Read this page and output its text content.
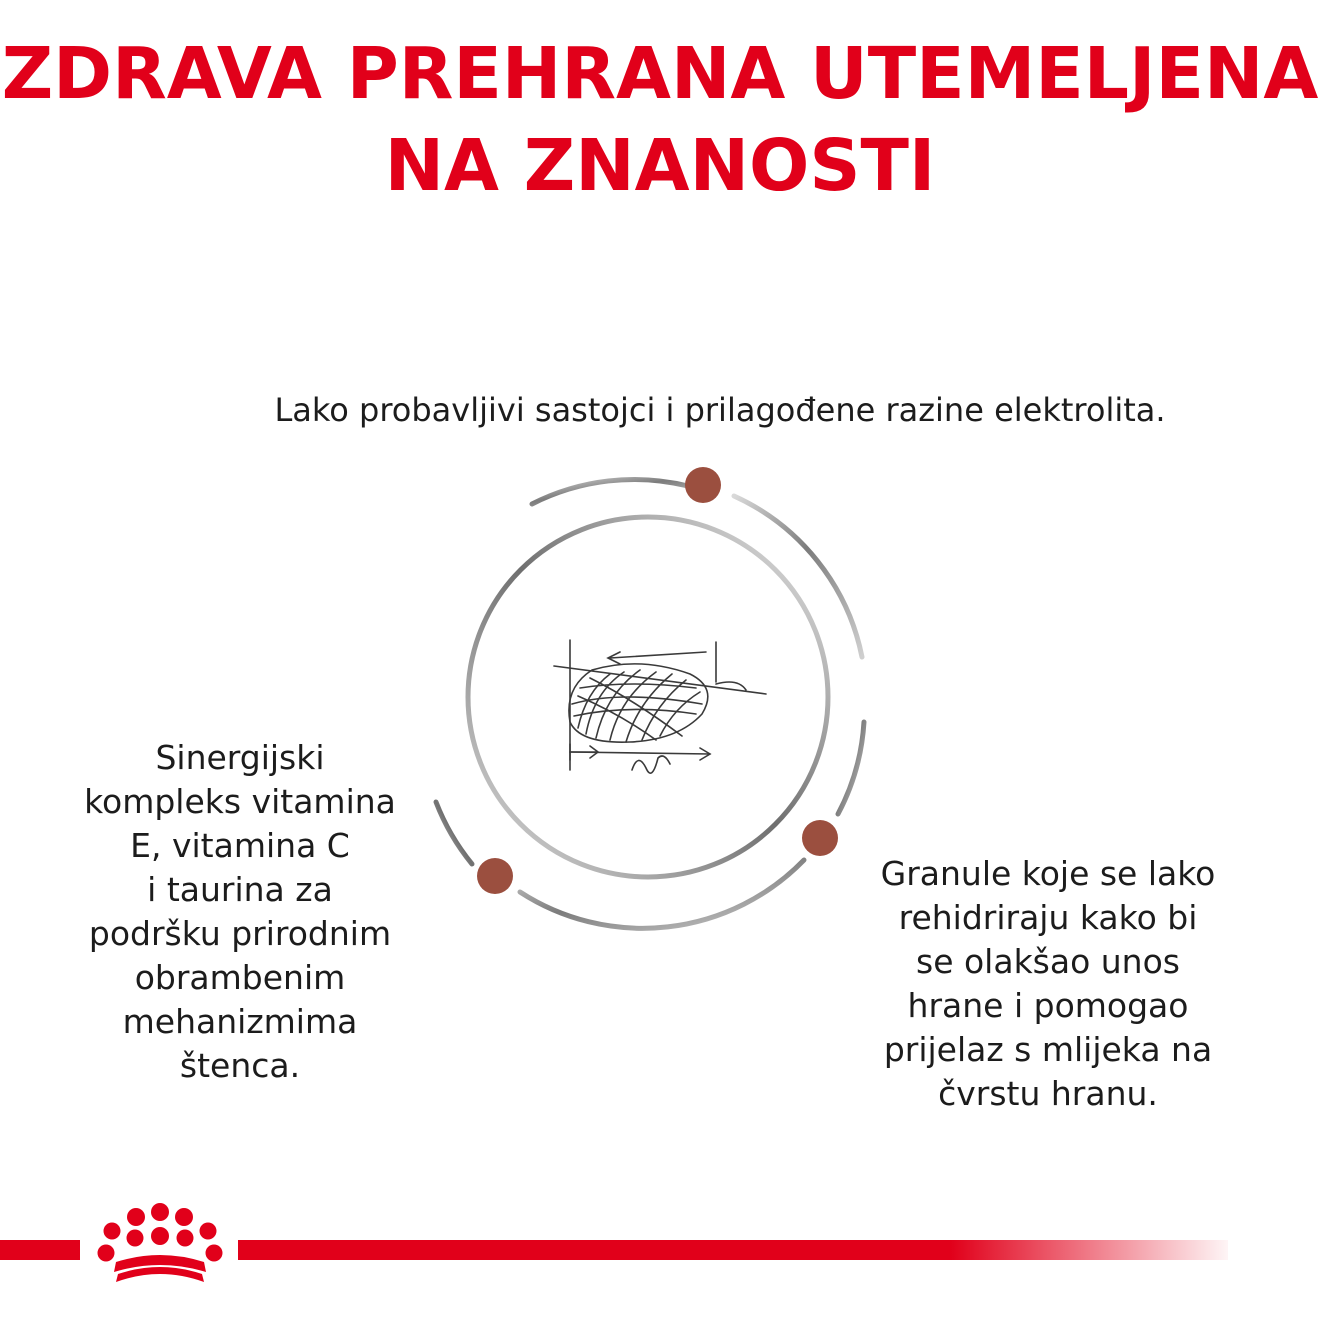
ZDRAVA PREHRANA UTEMELJENA
NA ZNANOSTI

Lako probavljivi sastojci i prilagođene razine elektrolita.

Sinergijski
kompleks vitamina
E, vitamina C
i taurina za
podršku prirodnim
obrambenim
mehanizmima
štenca.

Granule koje se lako
rehidriraju kako bi
se olakšao unos
hrane i pomogao
prijelaz s mlijeka na
čvrstu hranu.
